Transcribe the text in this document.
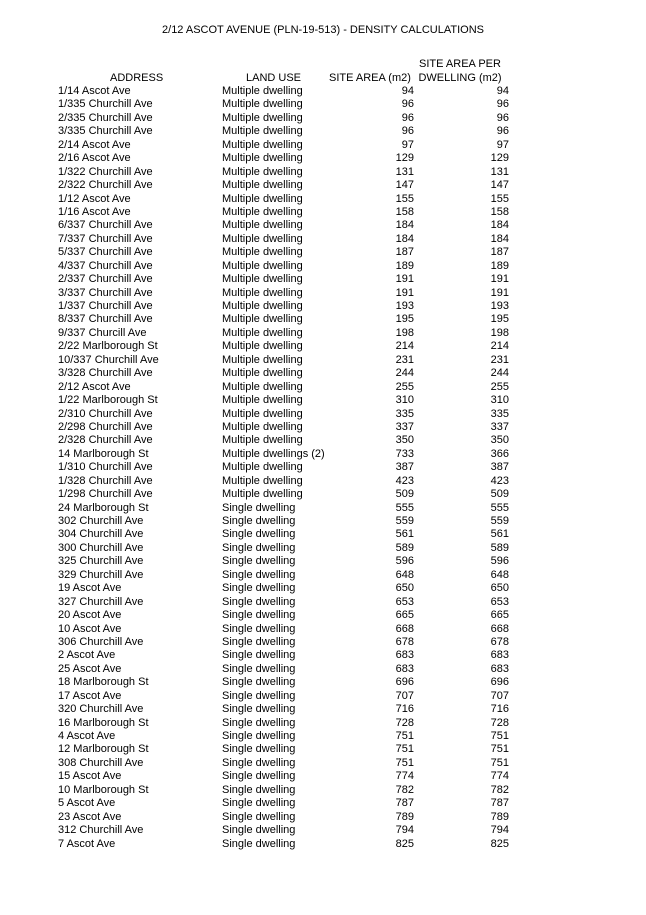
2/12 ASCOT AVENUE (PLN-19-513) - DENSITY CALCULATIONS
ADDRESS	LAND USE	SITE AREA (m2)
SITE AREA PER
DWELLING (m2)
1/14 Ascot Ave	Multiple dwelling	94	94
1/335 Churchill Ave	Multiple dwelling	96	96
2/335 Churchill Ave	Multiple dwelling	96	96
3/335 Churchill Ave	Multiple dwelling	96	96
2/14 Ascot Ave	Multiple dwelling	97	97
2/16 Ascot Ave	Multiple dwelling	129	129
1/322 Churchill Ave	Multiple dwelling	131	131
2/322 Churchill Ave	Multiple dwelling	147	147
1/12 Ascot Ave	Multiple dwelling	155	155
1/16 Ascot Ave	Multiple dwelling	158	158
6/337 Churchill Ave	Multiple dwelling	184	184
7/337 Churchill Ave	Multiple dwelling	184	184
5/337 Churchill Ave	Multiple dwelling	187	187
4/337 Churchill Ave	Multiple dwelling	189	189
2/337 Churchill Ave	Multiple dwelling	191	191
3/337 Churchill Ave	Multiple dwelling	191	191
1/337 Churchill Ave	Multiple dwelling	193	193
8/337 Churchill Ave	Multiple dwelling	195	195
9/337 Churcill Ave	Multiple dwelling	198	198
2/22 Marlborough St	Multiple dwelling	214	214
10/337 Churchill Ave	Multiple dwelling	231	231
3/328 Churchill Ave	Multiple dwelling	244	244
2/12 Ascot Ave	Multiple dwelling	255	255
1/22 Marlborough St	Multiple dwelling	310	310
2/310 Churchill Ave	Multiple dwelling	335	335
2/298 Churchill Ave	Multiple dwelling	337	337
2/328 Churchill Ave	Multiple dwelling	350	350
14 Marlborough St	Multiple dwellings (2)	733	366
1/310 Churchill Ave	Multiple dwelling	387	387
1/328 Churchill Ave	Multiple dwelling	423	423
1/298 Churchill Ave	Multiple dwelling	509	509
24 Marlborough St	Single dwelling	555	555
302 Churchill Ave	Single dwelling	559	559
304 Churchill Ave	Single dwelling	561	561
300 Churchill Ave	Single dwelling	589	589
325 Churchill Ave	Single dwelling	596	596
329 Churchill Ave	Single dwelling	648	648
19 Ascot Ave	Single dwelling	650	650
327 Churchill Ave	Single dwelling	653	653
20 Ascot Ave	Single dwelling	665	665
10 Ascot Ave	Single dwelling	668	668
306 Churchill Ave	Single dwelling	678	678
2 Ascot Ave	Single dwelling	683	683
25 Ascot Ave	Single dwelling	683	683
18 Marlborough St	Single dwelling	696	696
17 Ascot Ave	Single dwelling	707	707
320 Churchill Ave	Single dwelling	716	716
16 Marlborough St	Single dwelling	728	728
4 Ascot Ave	Single dwelling	751	751
12 Marlborough St	Single dwelling	751	751
308 Churchill Ave	Single dwelling	751	751
15 Ascot Ave	Single dwelling	774	774
10 Marlborough St	Single dwelling	782	782
5 Ascot Ave	Single dwelling	787	787
23 Ascot Ave	Single dwelling	789	789
312 Churchill Ave	Single dwelling	794	794
7 Ascot Ave	Single dwelling	825	825
